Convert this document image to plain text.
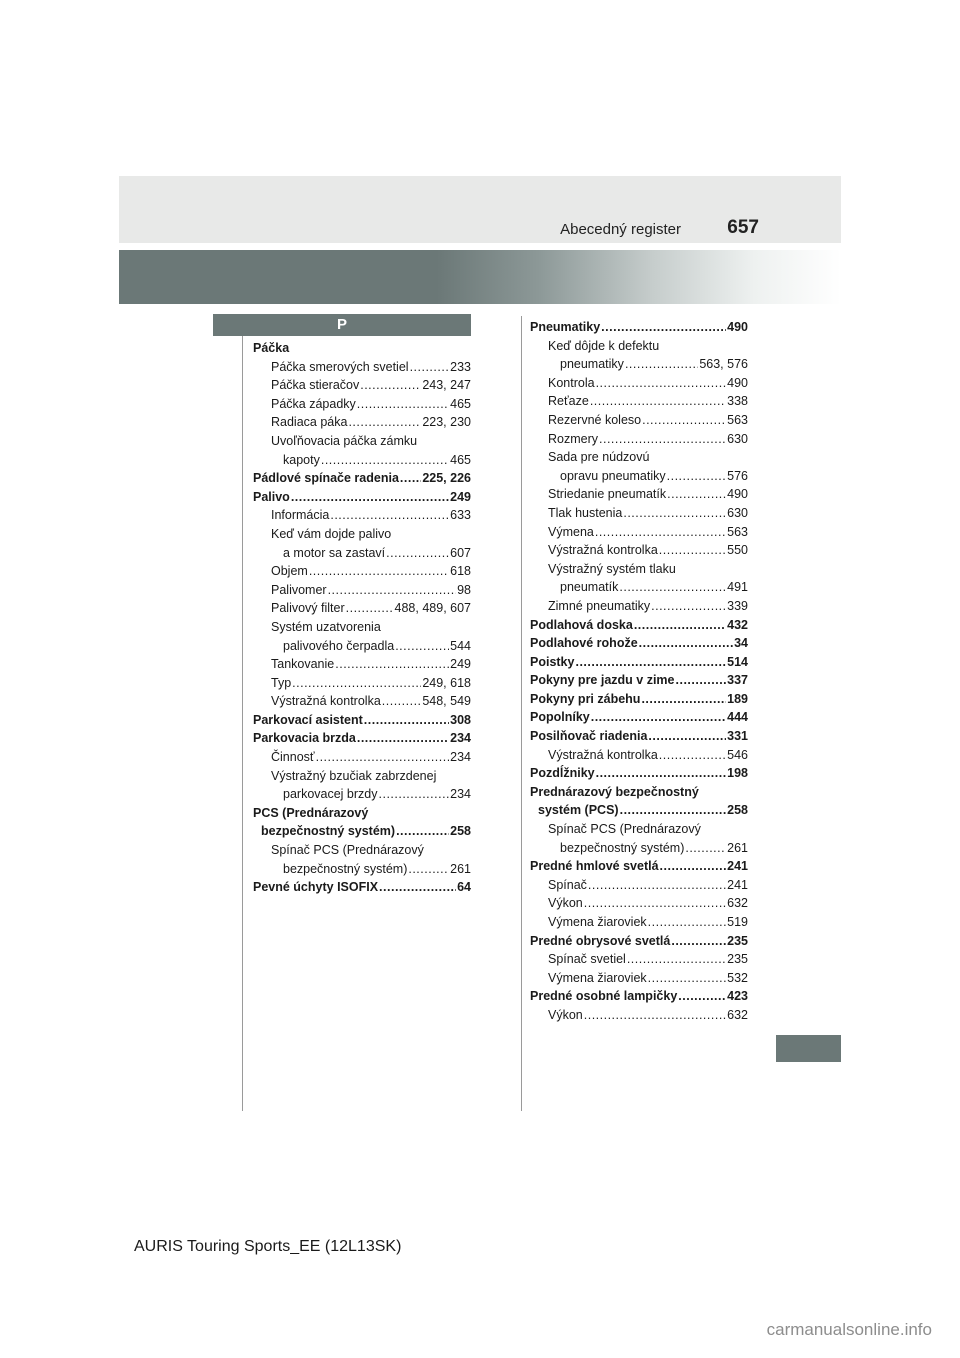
Abecedný register 657
P
Páčka
Páčka smerových svetiel .....	233
Páčka stieračov .....	243, 247
Páčka západky .....	465
Radiaca páka .....	223, 230
Uvoľňovacia páčka zámku
kapoty .....	465
Pádlové spínače radenia ..... 225, 226
Palivo .....	249
Informácia .....	633
Keď vám dojde palivo
a motor sa zastaví .....	607
Objem .....	618
Palivomer .....	98
Palivový filter .....	488, 489, 607
Systém uzatvorenia
palivového čerpadla .....	544
Tankovanie .....	249
Typ .....	249, 618
Výstražná kontrolka .....	548, 549
Parkovací asistent .....	308
Parkovacia brzda .....	234
Činnosť .....	234
Výstražný bzučiak zabrzdenej
parkovacej brzdy .....	234
PCS (Prednárazový
bezpečnostný systém) .....	258
Spínač PCS (Prednárazový
bezpečnostný systém) .....	261
Pevné úchyty ISOFIX .....	64
Pneumatiky .....	490
Keď dôjde k defektu
pneumatiky .....	563, 576
Kontrola .....	490
Reťaze .....	338
Rezervné koleso .....	563
Rozmery .....	630
Sada pre núdzovú
opravu pneumatiky .....	576
Striedanie pneumatík .....	490
Tlak hustenia .....	630
Výmena .....	563
Výstražná kontrolka .....	550
Výstražný systém tlaku
pneumatík .....	491
Zimné pneumatiky .....	339
Podlahová doska .....	432
Podlahové rohože .....	34
Poistky .....	514
Pokyny pre jazdu v zime .....	337
Pokyny pri zábehu .....	189
Popolníky .....	444
Posilňovač riadenia .....	331
Výstražná kontrolka .....	546
Pozdĺžniky .....	198
Prednárazový bezpečnostný
systém (PCS) .....	258
Spínač PCS (Prednárazový
bezpečnostný systém) .....	261
Predné hmlové svetlá .....	241
Spínač .....	241
Výkon .....	632
Výmena žiaroviek .....	519
Predné obrysové svetlá .....	235
Spínač svetiel .....	235
Výmena žiaroviek .....	532
Predné osobné lampičky .....	423
Výkon .....	632
AURIS Touring Sports_EE (12L13SK)
carmanualsonline.info
